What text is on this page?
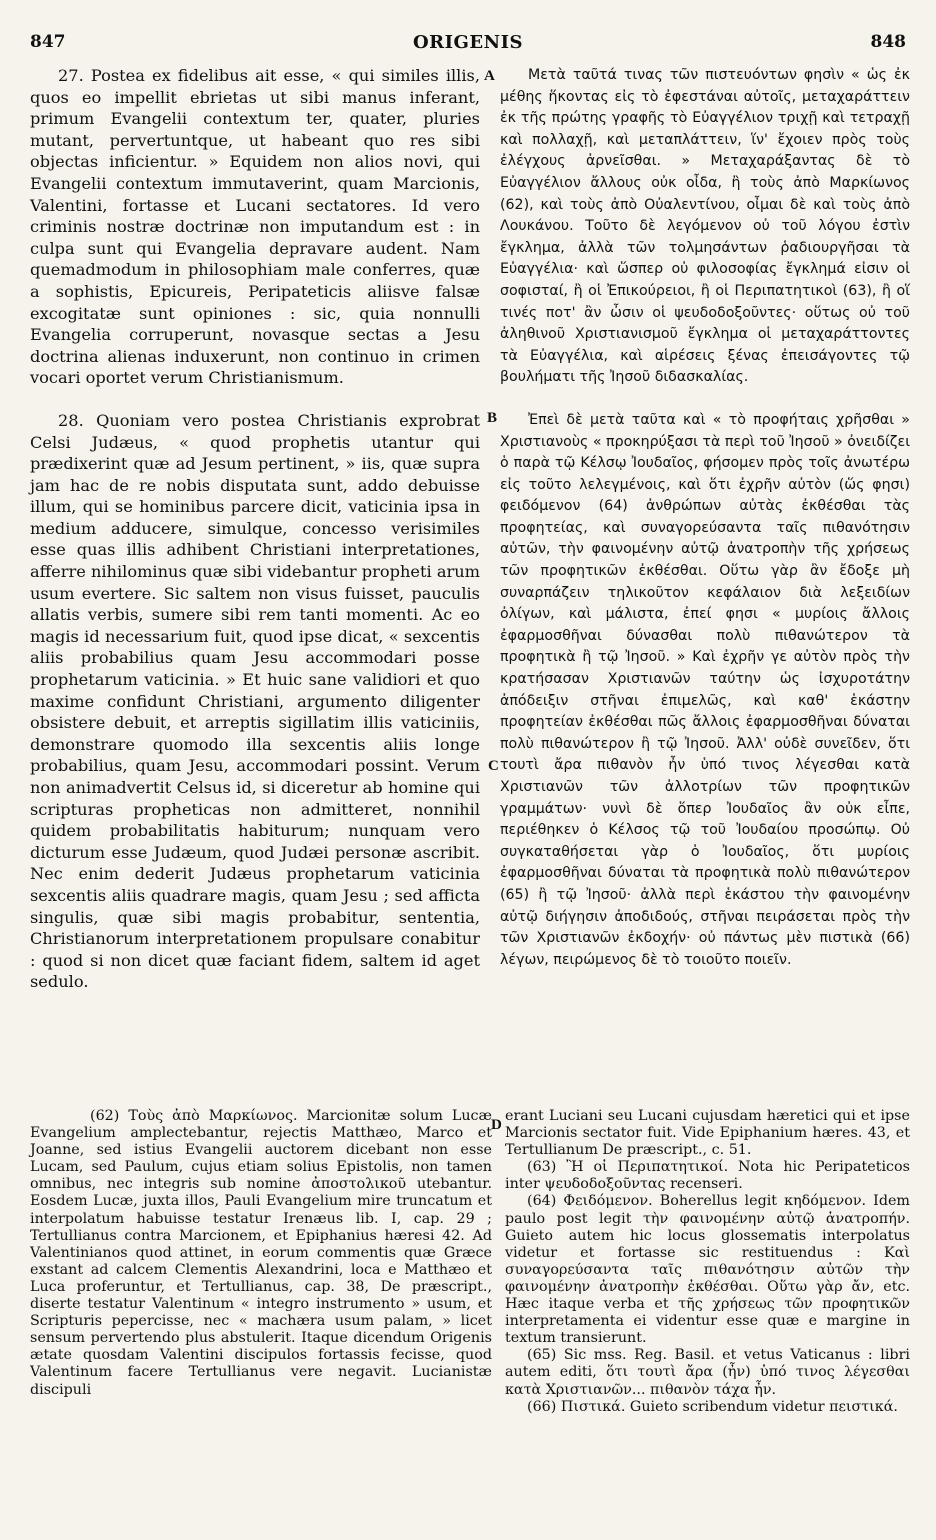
847	ORIGENIS	848

27. Postea ex fidelibus ait esse, « qui similes illis, quos eo impellit ebrietas ut sibi manus inferant, primum Evangelii contextum ter, quater, pluries mutant, pervertuntque, ut habeant quo res sibi objectas inficientur. » Equidem non alios novi, qui Evangelii contextum immutaverint, quam Marcionis, Valentini, fortasse et Lucani sectatores. Id vero criminis nostræ doctrinæ non imputandum est : in culpa sunt qui Evangelia depravare audent. Nam quemadmodum in philosophiam male conferres, quæ a sophistis, Epicureis, Peripateticis aliisve falsæ excogitatæ sunt opiniones : sic, quia nonnulli Evangelia corruperunt, novasque sectas a Jesu doctrina alienas induxerunt, non continuo in crimen vocari oportet verum Christianismum.

28. Quoniam vero postea Christianis exprobrat Celsi Judæus, « quod prophetis utantur qui prædixerint quæ ad Jesum pertinent, » iis, quæ supra jam hac de re nobis disputata sunt, addo debuisse illum, qui se hominibus parcere dicit, vaticinia ipsa in medium adducere, simulque, concesso verisimiles esse quas illis adhibent Christiani interpretationes, afferre nihilominus quæ sibi videbantur propheti arum usum evertere. Sic saltem non visus fuisset, pauculis allatis verbis, sumere sibi rem tanti momenti. Ac eo magis id necessarium fuit, quod ipse dicat, « sexcentis aliis probabilius quam Jesu accommodari posse prophetarum vaticinia. » Et huic sane validiori et quo maxime confidunt Christiani, argumento diligenter obsistere debuit, et arreptis sigillatim illis vaticiniis, demonstrare quomodo illa sexcentis aliis longe probabilius, quam Jesu, accommodari possint. Verum non animadvertit Celsus id, si diceretur ab homine qui scripturas propheticas non admitteret, nonnihil quidem probabilitatis habiturum; nunquam vero dicturum esse Judæum, quod Judæi personæ ascribit. Nec enim dederit Judæus prophetarum vaticinia sexcentis aliis quadrare magis, quam Jesu ; sed afficta singulis, quæ sibi magis probabitur, sententia, Christianorum interpretationem propulsare conabitur : quod si non dicet quæ faciant fidem, saltem id aget sedulo.

A
B
C
D

Μετὰ ταῦτά τινας τῶν πιστευόντων φησὶν « ὡς ἐκ μέθης ἥκοντας εἰς τὸ ἐφεστάναι αὐτοῖς, μεταχαράττειν ἐκ τῆς πρώτης γραφῆς τὸ Εὐαγγέλιον τριχῇ καὶ τετραχῇ καὶ πολλαχῇ, καὶ μεταπλάττειν, ἵν' ἔχοιεν πρὸς τοὺς ἐλέγχους ἀρνεῖσθαι. » Μεταχαράξαντας δὲ τὸ Εὐαγγέλιον ἄλλους οὐκ οἶδα, ἢ τοὺς ἀπὸ Μαρκίωνος (62), καὶ τοὺς ἀπὸ Οὐαλεντίνου, οἶμαι δὲ καὶ τοὺς ἀπὸ Λουκάνου. Τοῦτο δὲ λεγόμενον οὐ τοῦ λόγου ἐστὶν ἔγκλημα, ἀλλὰ τῶν τολμησάντων ῥαδιουργῆσαι τὰ Εὐαγγέλια· καὶ ὥσπερ οὐ φιλοσοφίας ἔγκλημά εἰσιν οἱ σοφισταί, ἢ οἱ Ἐπικούρειοι, ἢ οἱ Περιπατητικοὶ (63), ἢ οἵ τινές ποτ' ἂν ὦσιν οἱ ψευδοδοξοῦντες· οὕτως οὐ τοῦ ἀληθινοῦ Χριστιανισμοῦ ἔγκλημα οἱ μεταχαράττοντες τὰ Εὐαγγέλια, καὶ αἱρέσεις ξένας ἐπεισάγοντες τῷ βουλήματι τῆς Ἰησοῦ διδασκαλίας.

Ἐπεὶ δὲ μετὰ ταῦτα καὶ « τὸ προφήταις χρῆσθαι » Χριστιανοὺς « προκηρύξασι τὰ περὶ τοῦ Ἰησοῦ » ὀνειδίζει ὁ παρὰ τῷ Κέλσῳ Ἰουδαῖος, φήσομεν πρὸς τοῖς ἀνωτέρω εἰς τοῦτο λελεγμένοις, καὶ ὅτι ἐχρῆν αὐτὸν (ὥς φησι) φειδόμενον (64) ἀνθρώπων αὐτὰς ἐκθέσθαι τὰς προφητείας, καὶ συναγορεύσαντα ταῖς πιθανότησιν αὐτῶν, τὴν φαινομένην αὐτῷ ἀνατροπὴν τῆς χρήσεως τῶν προφητικῶν ἐκθέσθαι. Οὕτω γὰρ ἂν ἔδοξε μὴ συναρπάζειν τηλικοῦτον κεφάλαιον διὰ λεξειδίων ὀλίγων, καὶ μάλιστα, ἐπεί φησι « μυρίοις ἄλλοις ἐφαρμοσθῆναι δύνασθαι πολὺ πιθανώτερον τὰ προφητικὰ ἢ τῷ Ἰησοῦ. » Καὶ ἐχρῆν γε αὐτὸν πρὸς τὴν κρατήσασαν Χριστιανῶν ταύτην ὡς ἰσχυροτάτην ἀπόδειξιν στῆναι ἐπιμελῶς, καὶ καθ' ἑκάστην προφητείαν ἐκθέσθαι πῶς ἄλλοις ἐφαρμοσθῆναι δύναται πολὺ πιθανώτερον ἢ τῷ Ἰησοῦ. Ἀλλ' οὐδὲ συνεῖδεν, ὅτι τουτὶ ἄρα πιθανὸν ἦν ὑπό τινος λέγεσθαι κατὰ Χριστιανῶν τῶν ἀλλοτρίων τῶν προφητικῶν γραμμάτων· νυνὶ δὲ ὅπερ Ἰουδαῖος ἂν οὐκ εἶπε, περιέθηκεν ὁ Κέλσος τῷ τοῦ Ἰουδαίου προσώπῳ. Οὐ συγκαταθήσεται γὰρ ὁ Ἰουδαῖος, ὅτι μυρίοις ἐφαρμοσθῆναι δύναται τὰ προφητικὰ πολὺ πιθανώτερον (65) ἢ τῷ Ἰησοῦ· ἀλλὰ περὶ ἑκάστου τὴν φαινομένην αὐτῷ διήγησιν ἀποδιδούς, στῆναι πειράσεται πρὸς τὴν τῶν Χριστιανῶν ἐκδοχήν· οὐ πάντως μὲν πιστικὰ (66) λέγων, πειρώμενος δὲ τὸ τοιοῦτο ποιεῖν.

(62) Τοὺς ἀπὸ Μαρκίωνος. Marcionitæ solum Lucæ Evangelium amplectebantur, rejectis Matthæo, Marco et Joanne, sed istius Evangelii auctorem dicebant non esse Lucam, sed Paulum, cujus etiam solius Epistolis, non tamen omnibus, nec integris sub nomine ἀποστολικοῦ utebantur. Eosdem Lucæ, juxta illos, Pauli Evangelium mire truncatum et interpolatum habuisse testatur Irenæus lib. I, cap. 29 ; Tertullianus contra Marcionem, et Epiphanius hæresi 42. Ad Valentinianos quod attinet, in eorum commentis quæ Græce exstant ad calcem Clementis Alexandrini, loca e Matthæo et Luca proferuntur, et Tertullianus, cap. 38, De præscript., diserte testatur Valentinum « integro instrumento » usum, et Scripturis pepercisse, nec « machæra usum palam, » licet sensum pervertendo plus abstulerit. Itaque dicendum Origenis ætate quosdam Valentini discipulos fortassis fecisse, quod Valentinum facere Tertullianus vere negavit. Lucianistæ discipuli

erant Luciani seu Lucani cujusdam hæretici qui et ipse Marcionis sectator fuit. Vide Epiphanium hæres. 43, et Tertullianum De præscript., c. 51.

(63) Ἢ οἱ Περιπατητικοί. Nota hic Peripateticos inter ψευδοδοξοῦντας recenseri.

(64) Φειδόμενον. Boherellus legit κηδόμενον. Idem paulo post legit τὴν φαινομένην αὐτῷ ἀνατροπήν. Guieto autem hic locus glossematis interpolatus videtur et fortasse sic restituendus : Καὶ συναγορεύσαντα ταῖς πιθανότησιν αὐτῶν τὴν φαινομένην ἀνατροπὴν ἐκθέσθαι. Οὕτω γὰρ ἄν, etc. Hæc itaque verba et τῆς χρήσεως τῶν προφητικῶν interpretamenta ei videntur esse quæ e margine in textum transierunt.

(65) Sic mss. Reg. Basil. et vetus Vaticanus : libri autem editi, ὅτι τουτὶ ἄρα (ἦν) ὑπό τινος λέγεσθαι κατὰ Χριστιανῶν... πιθανὸν τάχα ἦν.

(66) Πιστικά. Guieto scribendum videtur πειστικά.
